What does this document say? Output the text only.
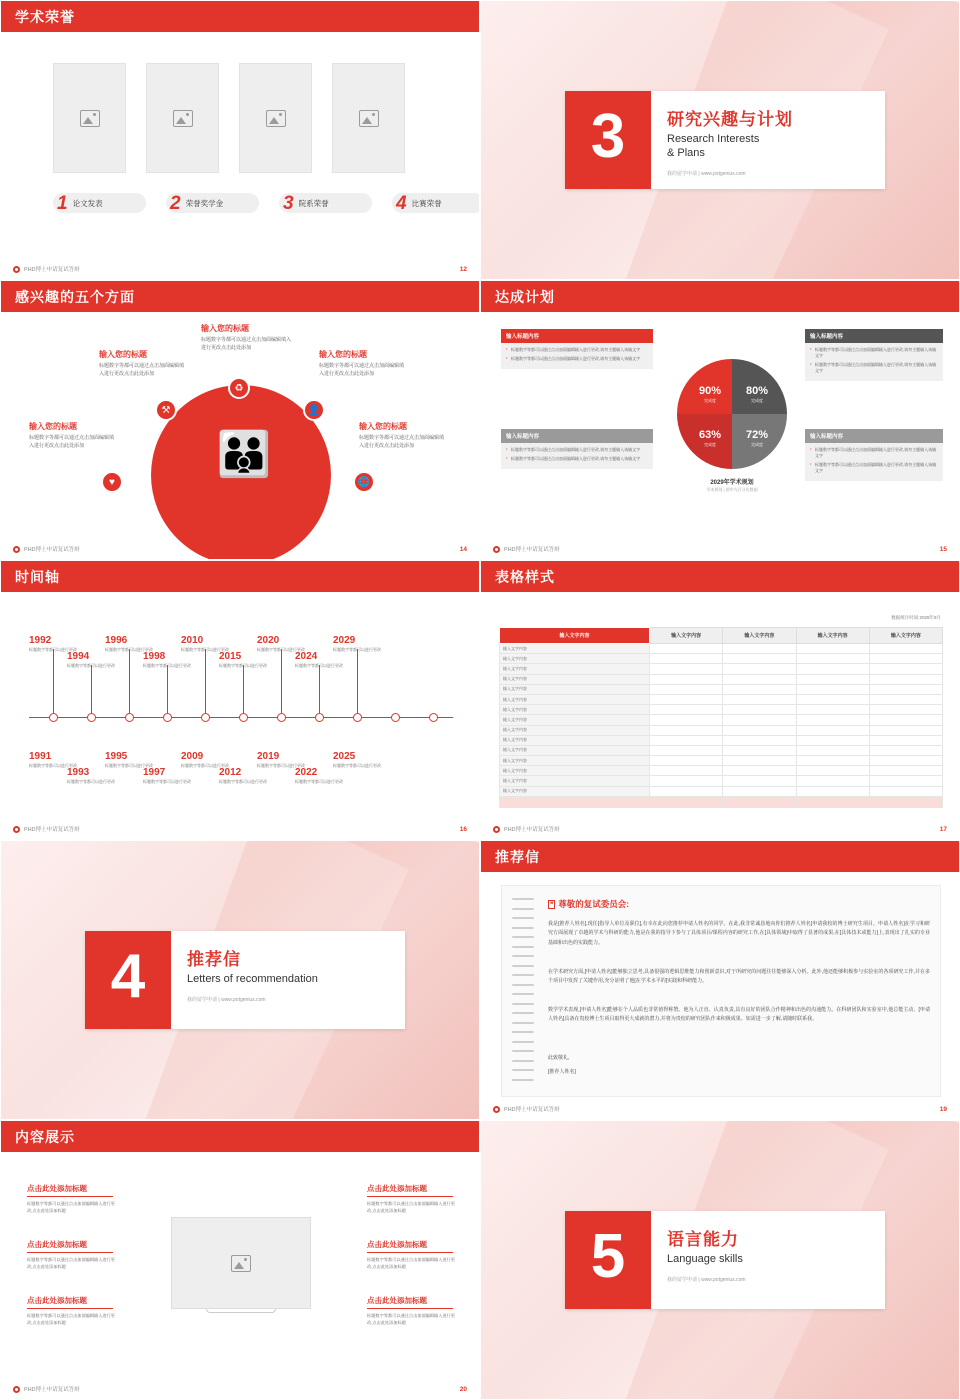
学术荣誉
1 论文发表	2 荣誉奖学金	3 院系荣誉	4 比赛荣誉
PHD博士申请复试答辩	12
3	研究兴趣与计划
Research Interests
& Plans
我的留学申请 | www.potgenius.com
感兴趣的五个方面
输入您的标题
标题数字等都可以通过点击加面编辑填入进行更改点击此处添加
输入您的标题
标题数字等都可以通过点击加面编辑填入进行更改点击此处添加
输入您的标题
标题数字等都可以通过点击加面编辑填入进行更改点击此处添加
输入您的标题
标题数字等都可以通过点击加面编辑填入进行更改点击此处添加
输入您的标题
标题数字等都可以通过点击加面编辑填入进行更改点击此处添加
👪
♻
⚒	👤
♥	🌐
PHD博士申请复试答辩	14
达成计划
输入标题内容
• 标题数字等都可以通过点击加面编辑输入进行更改,请勿主题输入该输文字
• 标题数字等都可以通过点击加面编辑输入进行更改,请勿主题输入该输文字
输入标题内容
• 标题数字等都可以通过点击加面编辑输入进行更改,请勿主题输入该输文字
• 标题数字等都可以通过点击加面编辑输入进行更改,请勿主题输入该输文字
输入标题内容
• 标题数字等都可以通过点击加面编辑输入进行更改,请勿主题输入该输文字
• 标题数字等都可以通过点击加面编辑输入进行更改,请勿主题输入该输文字
输入标题内容
• 标题数字等都可以通过点击加面编辑输入进行更改,请勿主题输入该输文字
• 标题数字等都可以通过点击加面编辑输入进行更改,请勿主题输入该输文字
90%
完成度
80%
完成度
63%
完成度
72%
完成度
2029年学术规划
学术规划 | 图中为百分比数据
PHD博士申请复试答辩	15
时间轴
1992
标题数字等都可以进行更改
1996
标题数字等都可以进行更改
2010
标题数字等都可以进行更改
2020
标题数字等都可以进行更改
2029
标题数字等都可以进行更改
1994
标题数字等都可以进行更改
1998
标题数字等都可以进行更改
2015
标题数字等都可以进行更改
2024
标题数字等都可以进行更改
1991
标题数字等都可以进行更改
1995
标题数字等都可以进行更改
2009
标题数字等都可以进行更改
2019
标题数字等都可以进行更改
2025
标题数字等都可以进行更改
1993
标题数字等都可以进行更改
1997
标题数字等都可以进行更改
2012
标题数字等都可以进行更改
2022
标题数字等都可以进行更改
PHD博士申请复试答辩	16
表格样式
数据统计时间:2029年9月
输入文字内容	输入文字内容	输入文字内容	输入文字内容	输入文字内容
输入文字内容				
输入文字内容				
输入文字内容				
输入文字内容				
输入文字内容				
输入文字内容				
输入文字内容				
输入文字内容				
输入文字内容				
输入文字内容				
输入文字内容				
输入文字内容				
输入文字内容				
输入文字内容				
输入文字内容				

PHD博士申请复试答辩	17
4	推荐信
Letters of recommendation
我的留学申请 | www.potgenius.com
推荐信
❝ 尊敬的复试委员会:
我是[推荐人姓名],现任[指导人单位及职位],有幸在此向您推荐申请人姓名的同学。在此,我非常诚恳地向你们推荐人姓名]申请我校的博士研究生项目。申请人姓名]在学习和研究方面展现了卓越的学术与科研的能力,他是在我的指导下参与了具体项目/课程内容的研究工作,在[具体领域]中取得了显著的成果,在[具体技术或能力]上,表现出了扎实的专业基础和出色的实践能力。
在学术研究方面,[申请人姓名]能够独立思考,具备很强的逻辑思维能力和创新意识,对于所研究的问题往往能够深入分析。此外,他还能够积极参与实验室的各项研究工作,并在多个项目中发挥了关键作用,充分证明了他[在学术水平的]实践和科研能力。
数学学术表现,[申请人姓名]能够在个人品质也非常值得称赞。他为人正直、认真负责,具有良好的团队合作精神和出色的沟通能力。在科研团队和实验室中,他总能主动、[申请人姓名]具备在贵校博士生项目取得更大成就的潜力,并将为贵校的研究团队作来积极成果。如需进一步了解,请随时联系我。
此致敬礼,
[推荐人姓名]
PHD博士申请复试答辩	19
内容展示
点击此处添加标题
标题数字等都可以通过点击加面编辑输入进行更改,点击此处添加标题
点击此处添加标题
标题数字等都可以通过点击加面编辑输入进行更改,点击此处添加标题
点击此处添加标题
标题数字等都可以通过点击加面编辑输入进行更改,点击此处添加标题
点击此处添加标题
标题数字等都可以通过点击加面编辑输入进行更改,点击此处添加标题
点击此处添加标题
标题数字等都可以通过点击加面编辑输入进行更改,点击此处添加标题
点击此处添加标题
标题数字等都可以通过点击加面编辑输入进行更改,点击此处添加标题
PHD博士申请复试答辩	20
5	语言能力
Language skills
我的留学申请 | www.potgenius.com
